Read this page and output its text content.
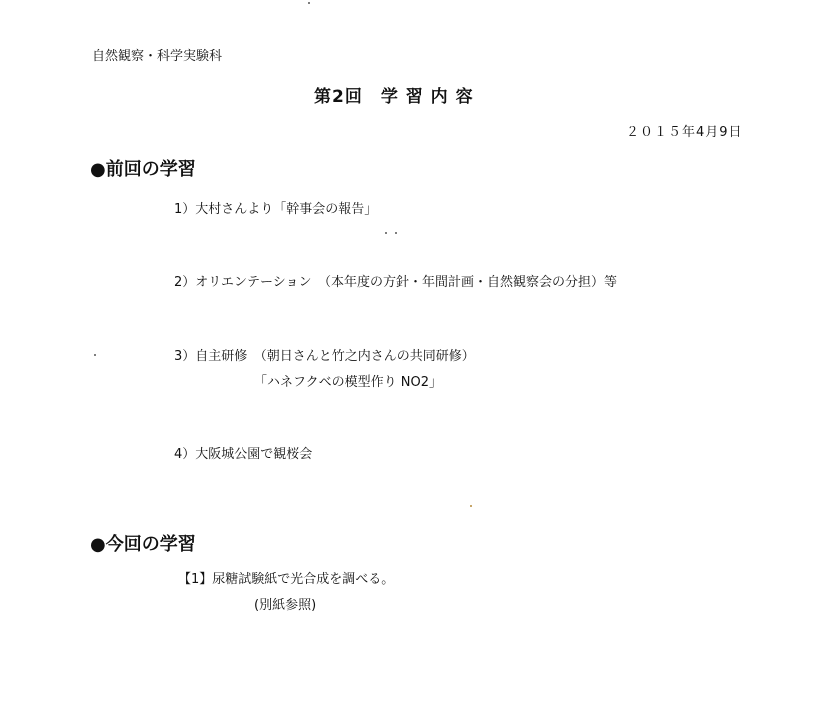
自然観察・科学実験科
第2回　学 習 内 容
２０１５年4月9日
●前回の学習
1）大村さんより「幹事会の報告」
2）オリエンテーション　（本年度の方針・年間計画・自然観察会の分担）等
3）自主研修　（朝日さんと竹之内さんの共同研修）
「ハネフクベの模型作り NO2」
4）大阪城公園で観桜会
●今回の学習
【1】尿糖試験紙で光合成を調べる。
(別紙参照)
